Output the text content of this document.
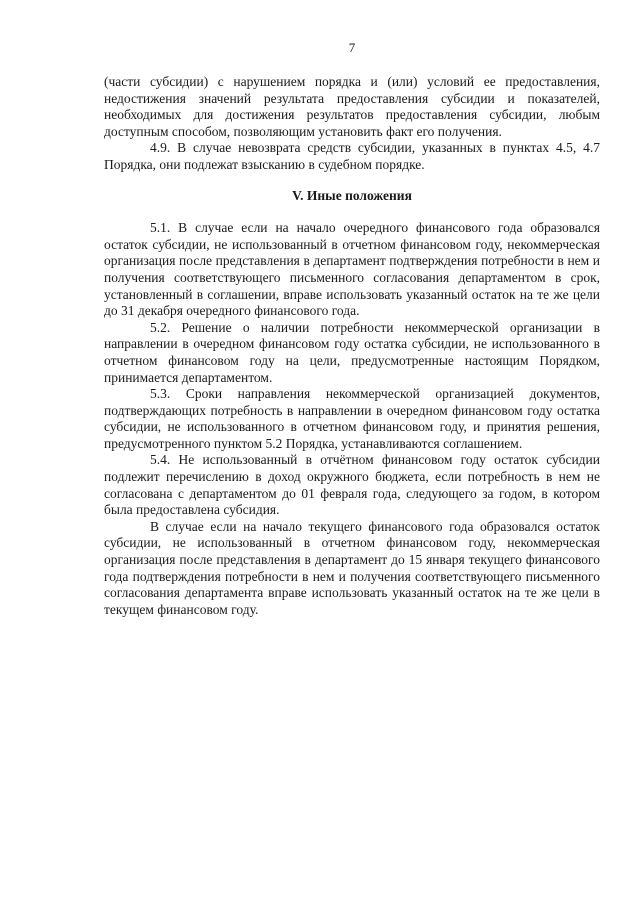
7

(части субсидии) с нарушением порядка и (или) условий ее предоставления, недостижения значений результата предоставления субсидии и показателей, необходимых для достижения результатов предоставления субсидии, любым доступным способом, позволяющим установить факт его получения.

4.9. В случае невозврата средств субсидии, указанных в пунктах 4.5, 4.7 Порядка, они подлежат взысканию в судебном порядке.

V. Иные положения

5.1. В случае если на начало очередного финансового года образовался остаток субсидии, не использованный в отчетном финансовом году, некоммерческая организация после представления в департамент подтверждения потребности в нем и получения соответствующего письменного согласования департаментом в срок, установленный в соглашении, вправе использовать указанный остаток на те же цели до 31 декабря очередного финансового года.

5.2. Решение о наличии потребности некоммерческой организации в направлении в очередном финансовом году остатка субсидии, не использованного в отчетном финансовом году на цели, предусмотренные настоящим Порядком, принимается департаментом.

5.3. Сроки направления некоммерческой организацией документов, подтверждающих потребность в направлении в очередном финансовом году остатка субсидии, не использованного в отчетном финансовом году, и принятия решения, предусмотренного пунктом 5.2 Порядка, устанавливаются соглашением.

5.4. Не использованный в отчётном финансовом году остаток субсидии подлежит перечислению в доход окружного бюджета, если потребность в нем не согласована с департаментом до 01 февраля года, следующего за годом, в котором была предоставлена субсидия.

В случае если на начало текущего финансового года образовался остаток субсидии, не использованный в отчетном финансовом году, некоммерческая организация после представления в департамент до 15 января текущего финансового года подтверждения потребности в нем и получения соответствующего письменного согласования департамента вправе использовать указанный остаток на те же цели в текущем финансовом году.
